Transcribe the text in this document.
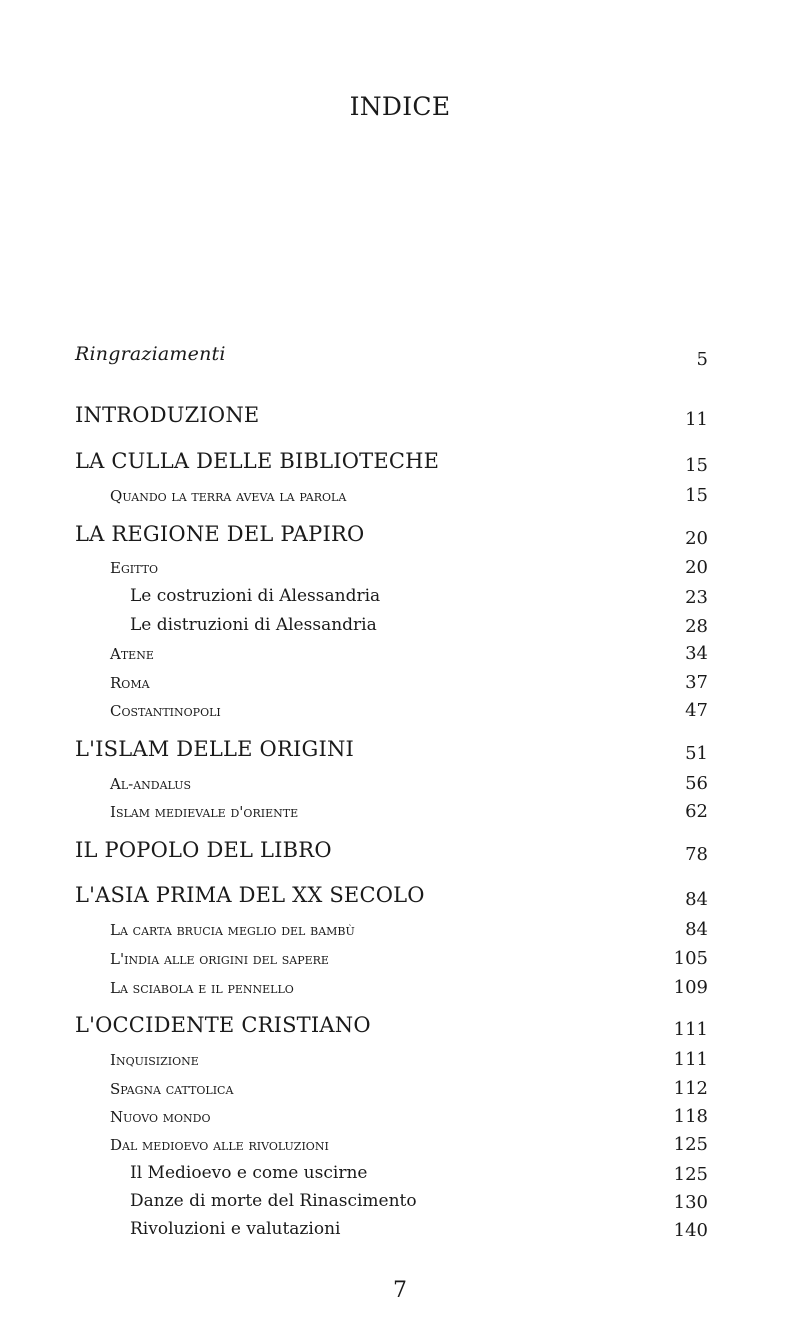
INDICE
Ringraziamenti	5
INTRODUZIONE	11
LA CULLA DELLE BIBLIOTECHE	15
Quando la terra aveva la parola	15
LA REGIONE DEL PAPIRO	20
Egitto	20
Le costruzioni di Alessandria	23
Le distruzioni di Alessandria	28
Atene	34
Roma	37
Costantinopoli	47
L'ISLAM DELLE ORIGINI	51
Al-andalus	56
Islam medievale d'oriente	62
IL POPOLO DEL LIBRO	78
L'ASIA PRIMA DEL XX SECOLO	84
La carta brucia meglio del bambù	84
L'india alle origini del sapere	105
La sciabola e il pennello	109
L'OCCIDENTE CRISTIANO	111
Inquisizione	111
Spagna cattolica	112
Nuovo mondo	118
Dal medioevo alle rivoluzioni	125
Il Medioevo e come uscirne	125
Danze di morte del Rinascimento	130
Rivoluzioni e valutazioni	140
7
